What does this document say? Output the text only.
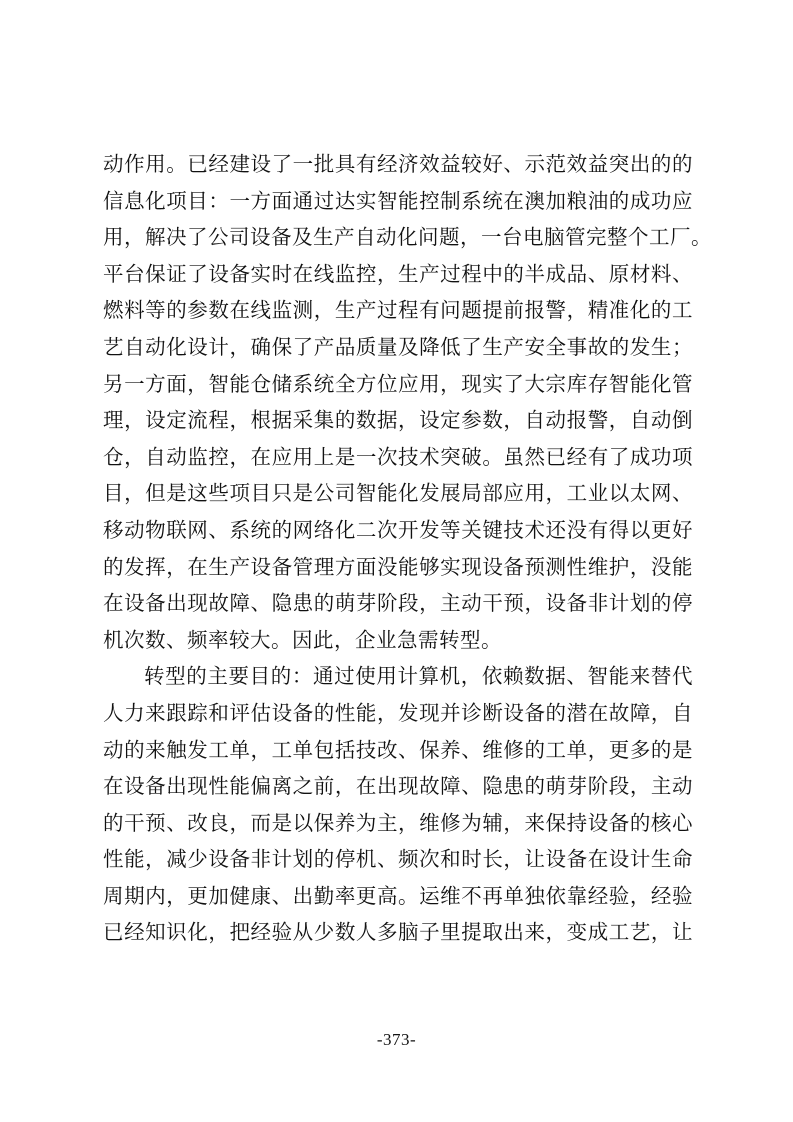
动作用。已经建设了一批具有经济效益较好、示范效益突出的的
信息化项目：一方面通过达实智能控制系统在澳加粮油的成功应
用，解决了公司设备及生产自动化问题，一台电脑管完整个工厂。
平台保证了设备实时在线监控，生产过程中的半成品、原材料、
燃料等的参数在线监测，生产过程有问题提前报警，精准化的工
艺自动化设计，确保了产品质量及降低了生产安全事故的发生；
另一方面，智能仓储系统全方位应用，现实了大宗库存智能化管
理，设定流程，根据采集的数据，设定参数，自动报警，自动倒
仓，自动监控，在应用上是一次技术突破。虽然已经有了成功项
目，但是这些项目只是公司智能化发展局部应用，工业以太网、
移动物联网、系统的网络化二次开发等关键技术还没有得以更好
的发挥，在生产设备管理方面没能够实现设备预测性维护，没能
在设备出现故障、隐患的萌芽阶段，主动干预，设备非计划的停
机次数、频率较大。因此，企业急需转型。
转型的主要目的：通过使用计算机，依赖数据、智能来替代
人力来跟踪和评估设备的性能，发现并诊断设备的潜在故障，自
动的来触发工单，工单包括技改、保养、维修的工单，更多的是
在设备出现性能偏离之前，在出现故障、隐患的萌芽阶段，主动
的干预、改良，而是以保养为主，维修为辅，来保持设备的核心
性能，减少设备非计划的停机、频次和时长，让设备在设计生命
周期内，更加健康、出勤率更高。运维不再单独依靠经验，经验
已经知识化，把经验从少数人多脑子里提取出来，变成工艺，让
-373-
